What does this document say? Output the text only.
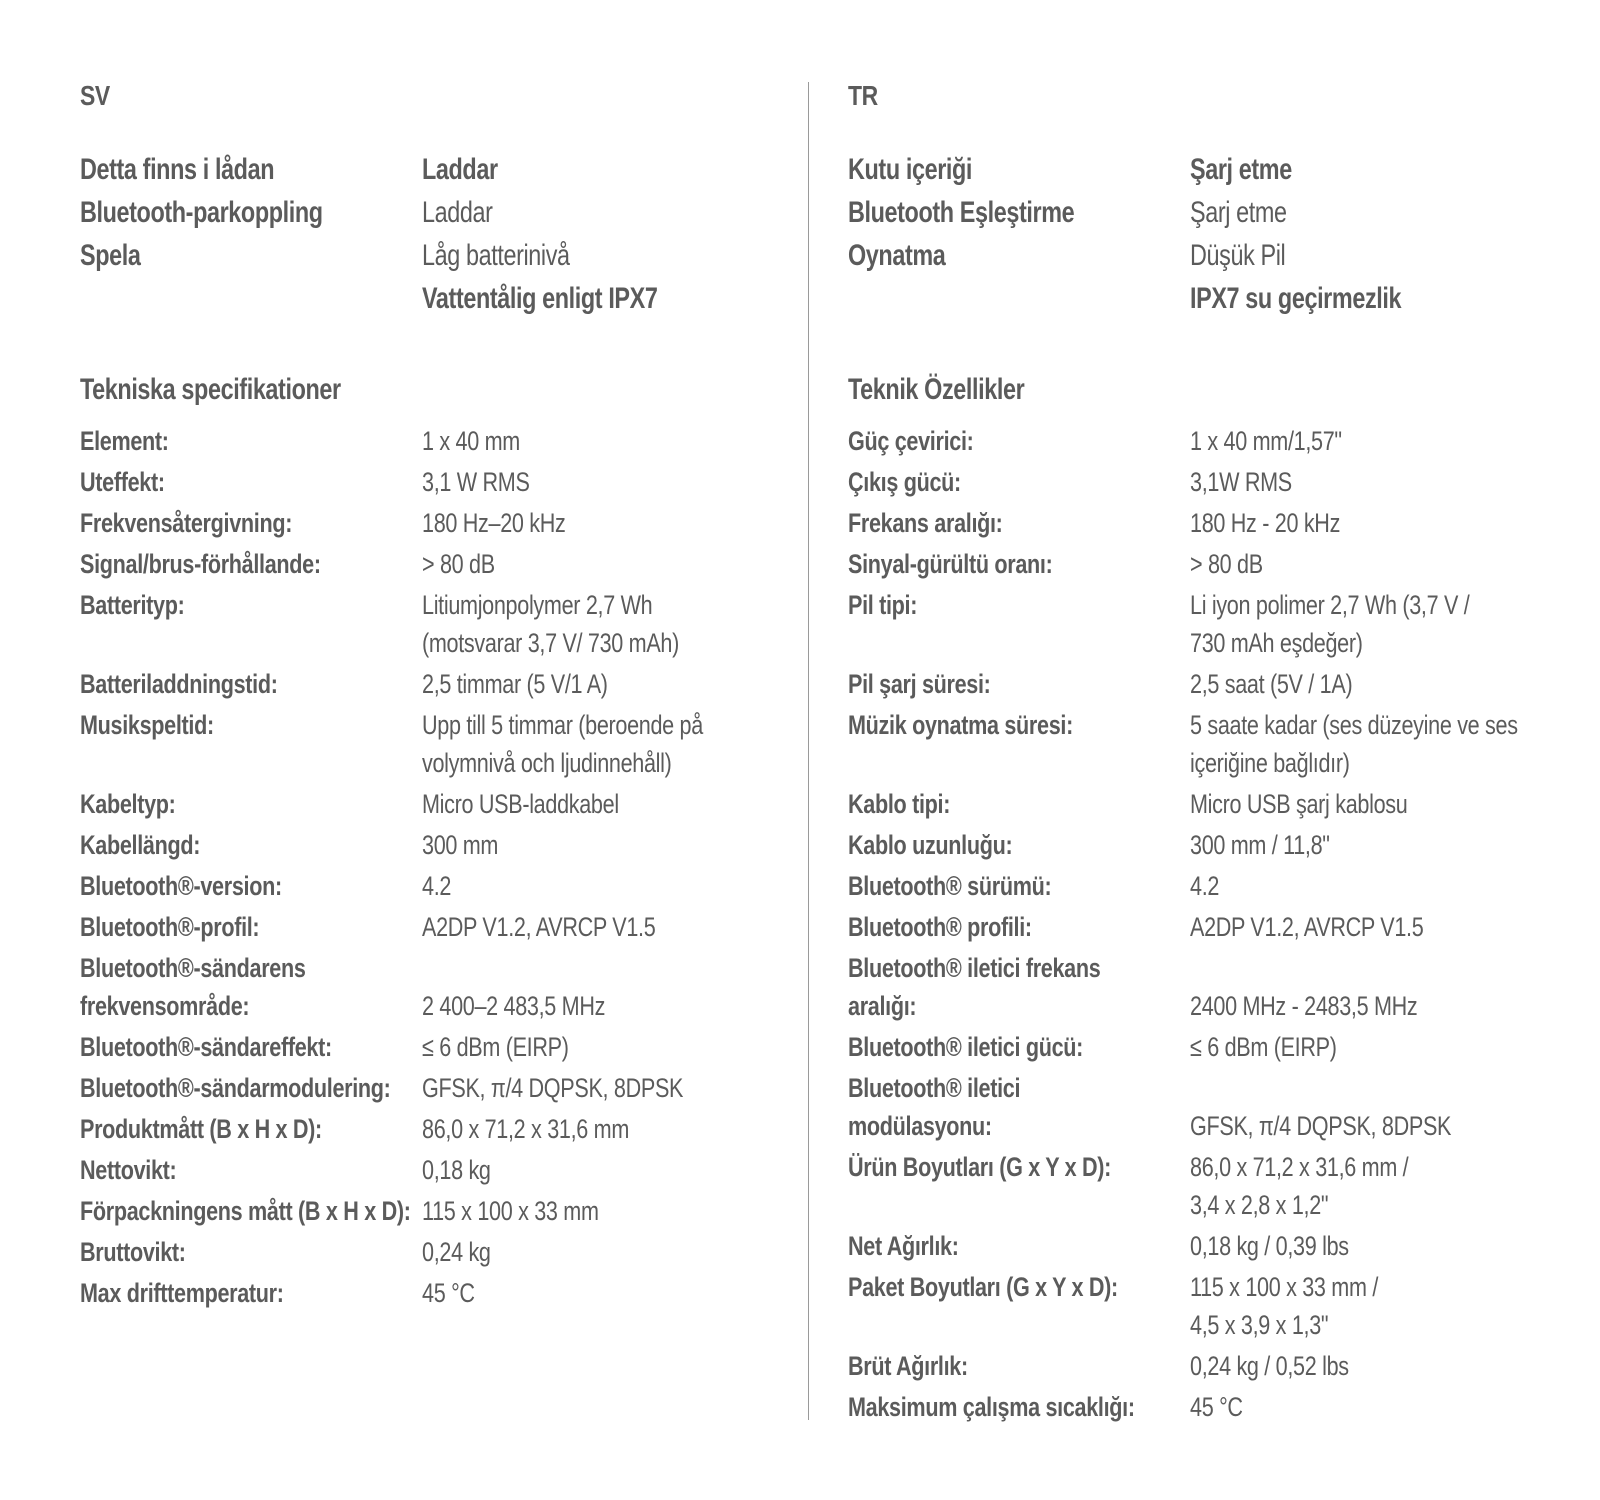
SV
Detta finns i lådan	Laddar
Bluetooth-parkoppling	Laddar
Spela	Låg batterinivå
Vattentålig enligt IPX7
Tekniska specifikationer
Element:	1 x 40 mm
Uteffekt:	3,1 W RMS
Frekvensåtergivning:	180 Hz–20 kHz
Signal/brus-förhållande:	> 80 dB
Batterityp:	Litiumjonpolymer 2,7 Wh
(motsvarar 3,7 V/ 730 mAh)
Batteriladdningstid:	2,5 timmar (5 V/1 A)
Musikspeltid:	Upp till 5 timmar (beroende på
volymnivå och ljudinnehåll)
Kabeltyp:	Micro USB-laddkabel
Kabellängd:	300 mm
Bluetooth®-version:	4.2
Bluetooth®-profil:	A2DP V1.2, AVRCP V1.5
Bluetooth®-sändarens
frekvensområde:	2 400–2 483,5 MHz
Bluetooth®-sändareffekt:	≤ 6 dBm (EIRP)
Bluetooth®-sändarmodulering: GFSK, π/4 DQPSK, 8DPSK
Produktmått (B x H x D):	86,0 x 71,2 x 31,6 mm
Nettovikt:	0,18 kg
Förpackningens mått (B x H x D): 115 x 100 x 33 mm
Bruttovikt:	0,24 kg
Max drifttemperatur:	45 °C
TR
Kutu içeriği	Şarj etme
Bluetooth Eşleştirme	Şarj etme
Oynatma	Düşük Pil
IPX7 su geçirmezlik
Teknik Özellikler
Güç çevirici:	1 x 40 mm/1,57"
Çıkış gücü:	3,1W RMS
Frekans aralığı:	180 Hz - 20 kHz
Sinyal-gürültü oranı:	> 80 dB
Pil tipi:	Li iyon polimer 2,7 Wh (3,7 V /
730 mAh eşdeğer)
Pil şarj süresi:	2,5 saat (5V / 1A)
Müzik oynatma süresi:	5 saate kadar (ses düzeyine ve ses
içeriğine bağlıdır)
Kablo tipi:	Micro USB şarj kablosu
Kablo uzunluğu:	300 mm / 11,8"
Bluetooth® sürümü:	4.2
Bluetooth® profili:	A2DP V1.2, AVRCP V1.5
Bluetooth® iletici frekans
aralığı:	2400 MHz - 2483,5 MHz
Bluetooth® iletici gücü:	≤ 6 dBm (EIRP)
Bluetooth® iletici
modülasyonu:	GFSK, π/4 DQPSK, 8DPSK
Ürün Boyutları (G x Y x D):	86,0 x 71,2 x 31,6 mm /
3,4 x 2,8 x 1,2"
Net Ağırlık:	0,18 kg / 0,39 lbs
Paket Boyutları (G x Y x D):	115 x 100 x 33 mm /
4,5 x 3,9 x 1,3"
Brüt Ağırlık:	0,24 kg / 0,52 lbs
Maksimum çalışma sıcaklığı: 45 °C
